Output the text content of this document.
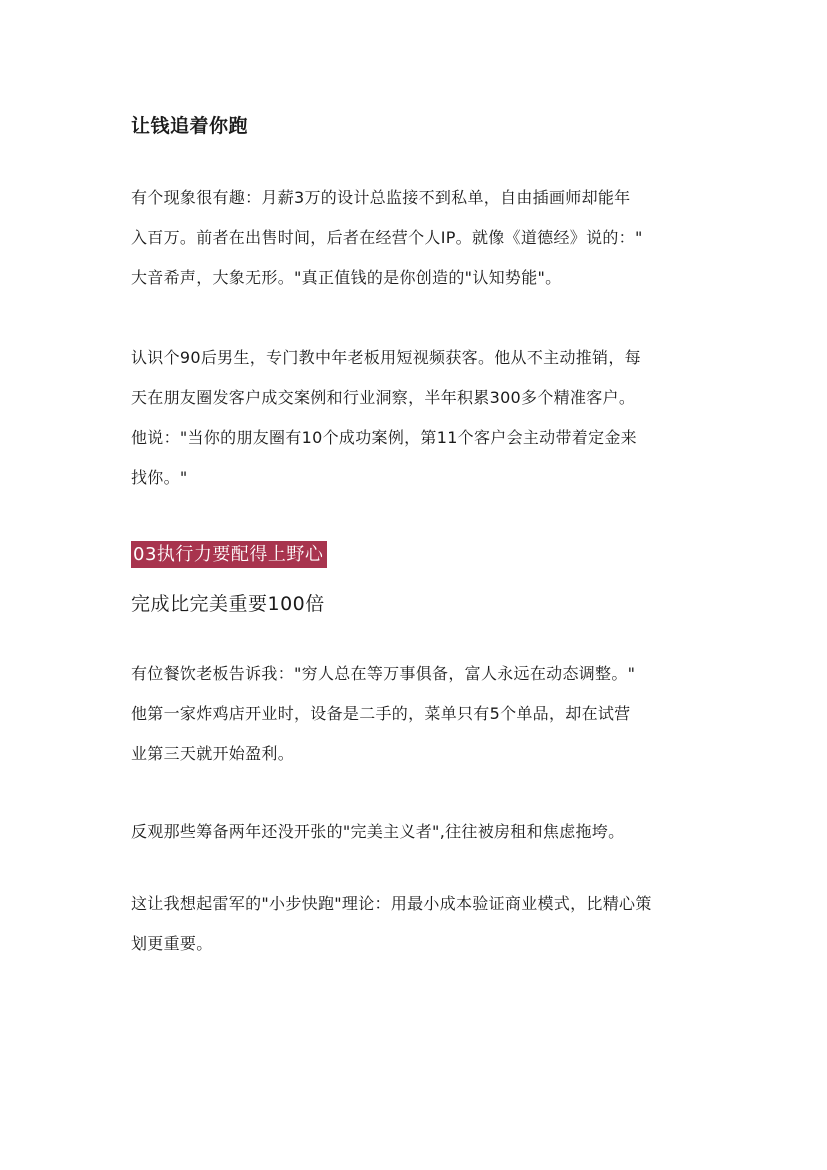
让钱追着你跑

有个现象很有趣：月薪3万的设计总监接不到私单，自由插画师却能年

入百万。前者在出售时间，后者在经营个人IP。就像《道德经》说的："

大音希声，大象无形。"真正值钱的是你创造的"认知势能"。

认识个90后男生，专门教中年老板用短视频获客。他从不主动推销，每

天在朋友圈发客户成交案例和行业洞察，半年积累300多个精准客户。

他说："当你的朋友圈有10个成功案例，第11个客户会主动带着定金来

找你。"

03执行力要配得上野心
完成比完美重要100倍

有位餐饮老板告诉我："穷人总在等万事俱备，富人永远在动态调整。"

他第一家炸鸡店开业时，设备是二手的，菜单只有5个单品，却在试营

业第三天就开始盈利。

反观那些筹备两年还没开张的"完美主义者",往往被房租和焦虑拖垮。

这让我想起雷军的"小步快跑"理论：用最小成本验证商业模式，比精心策

划更重要。
